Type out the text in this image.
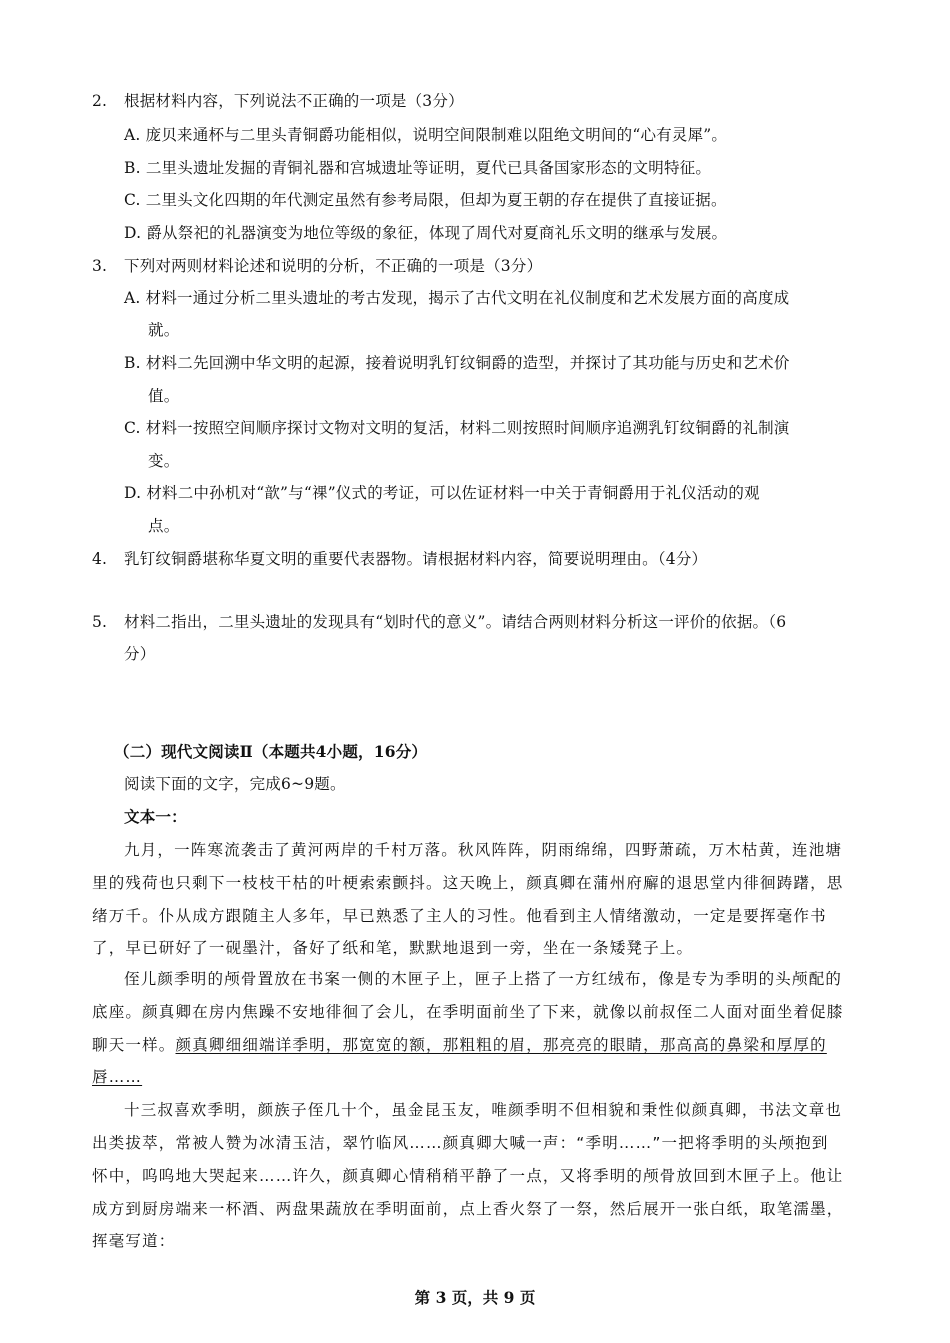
2. 根据材料内容，下列说法不正确的一项是（3分）
A. 庞贝来通杯与二里头青铜爵功能相似，说明空间限制难以阻绝文明间的“心有灵犀”。
B. 二里头遗址发掘的青铜礼器和宫城遗址等证明，夏代已具备国家形态的文明特征。
C. 二里头文化四期的年代测定虽然有参考局限，但却为夏王朝的存在提供了直接证据。
D. 爵从祭祀的礼器演变为地位等级的象征，体现了周代对夏商礼乐文明的继承与发展。
3. 下列对两则材料论述和说明的分析，不正确的一项是（3分）
A. 材料一通过分析二里头遗址的考古发现，揭示了古代文明在礼仪制度和艺术发展方面的高度成
就。
B. 材料二先回溯中华文明的起源，接着说明乳钉纹铜爵的造型，并探讨了其功能与历史和艺术价
值。
C. 材料一按照空间顺序探讨文物对文明的复活，材料二则按照时间顺序追溯乳钉纹铜爵的礼制演
变。
D. 材料二中孙机对“歆”与“祼”仪式的考证，可以佐证材料一中关于青铜爵用于礼仪活动的观
点。
4. 乳钉纹铜爵堪称华夏文明的重要代表器物。请根据材料内容，简要说明理由。（4分）
5. 材料二指出，二里头遗址的发现具有“划时代的意义”。请结合两则材料分析这一评价的依据。（6
分）
（二）现代文阅读Ⅱ（本题共4小题，16分）
阅读下面的文字，完成6~9题。
文本一：
九月，一阵寒流袭击了黄河两岸的千村万落。秋风阵阵，阴雨绵绵，四野萧疏，万木枯黄，连池塘
里的残荷也只剩下一枝枝干枯的叶梗索索颤抖。这天晚上，颜真卿在蒲州府廨的退思堂内徘徊踌躇，思
绪万千。仆从成方跟随主人多年，早已熟悉了主人的习性。他看到主人情绪激动，一定是要挥毫作书
了，早已研好了一砚墨汁，备好了纸和笔，默默地退到一旁，坐在一条矮凳子上。
侄儿颜季明的颅骨置放在书案一侧的木匣子上，匣子上搭了一方红绒布，像是专为季明的头颅配的
底座。颜真卿在房内焦躁不安地徘徊了会儿，在季明面前坐了下来，就像以前叔侄二人面对面坐着促膝
聊天一样。颜真卿细细端详季明，那宽宽的额，那粗粗的眉，那亮亮的眼睛，那高高的鼻梁和厚厚的
唇……
十三叔喜欢季明，颜族子侄几十个，虽金昆玉友，唯颜季明不但相貌和秉性似颜真卿，书法文章也
出类拔萃，常被人赞为冰清玉洁，翠竹临风……颜真卿大喊一声：“季明……”一把将季明的头颅抱到
怀中，呜呜地大哭起来……许久，颜真卿心情稍稍平静了一点，又将季明的颅骨放回到木匣子上。他让
成方到厨房端来一杯酒、两盘果蔬放在季明面前，点上香火祭了一祭，然后展开一张白纸，取笔濡墨，
挥毫写道：
第 3 页，共 9 页
